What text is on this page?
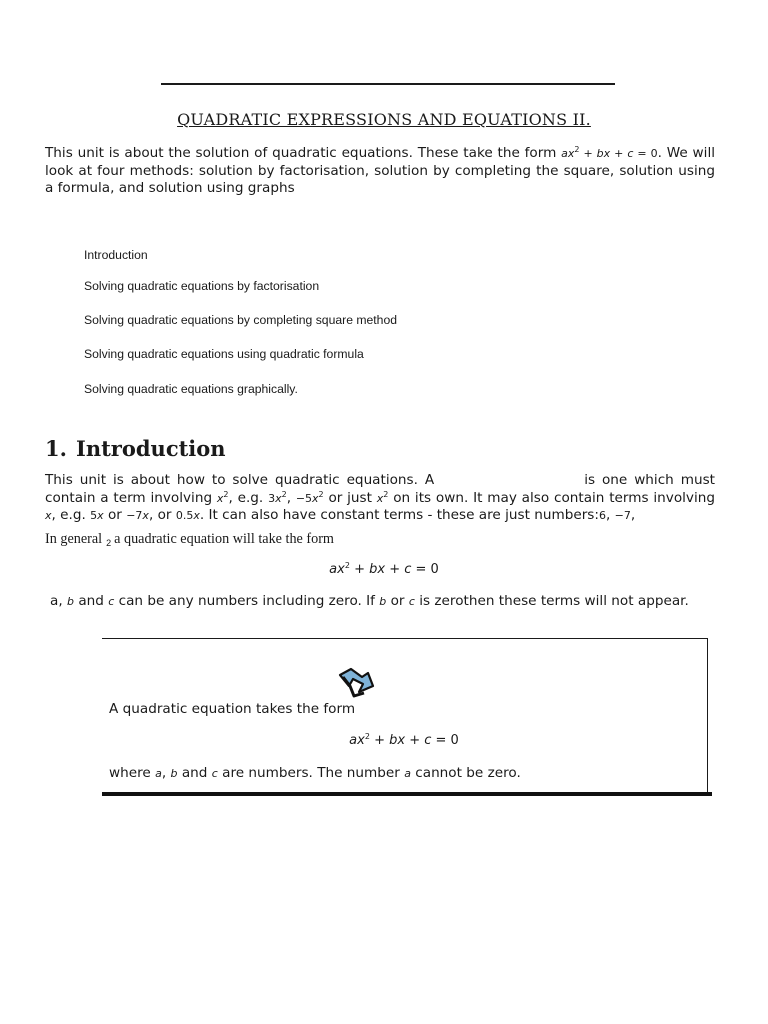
QUADRATIC EXPRESSIONS AND EQUATIONS II.
This unit is about the solution of quadratic equations. These take the form $ax^2$ + bx + c = 0. We will look at four methods: solution by factorisation, solution by completing the square, solution using a formula, and solution using graphs
Introduction
Solving quadratic equations by factorisation
Solving quadratic equations by completing square method
Solving quadratic equations using quadratic formula
Solving quadratic equations graphically.
1. Introduction
This unit is about how to solve quadratic equations. A	is one which must contain a term involving $x^2$, e.g. $3x^2$, $-5x^2$ or just $x^2$ on its own. It may also contain terms involving x, e.g. 5x or −7x, or 0.5x. It can also have constant terms - these are just numbers:6, −7,
In general $_2$ a quadratic equation will take the form
$ax^2$ + bx + c = 0
a, b and c can be any numbers including zero. If b or c is zerothen these terms will not appear.
A quadratic equation takes the form
$ax^2$ + bx + c = 0
where a, b and c are numbers. The number a cannot be zero.
